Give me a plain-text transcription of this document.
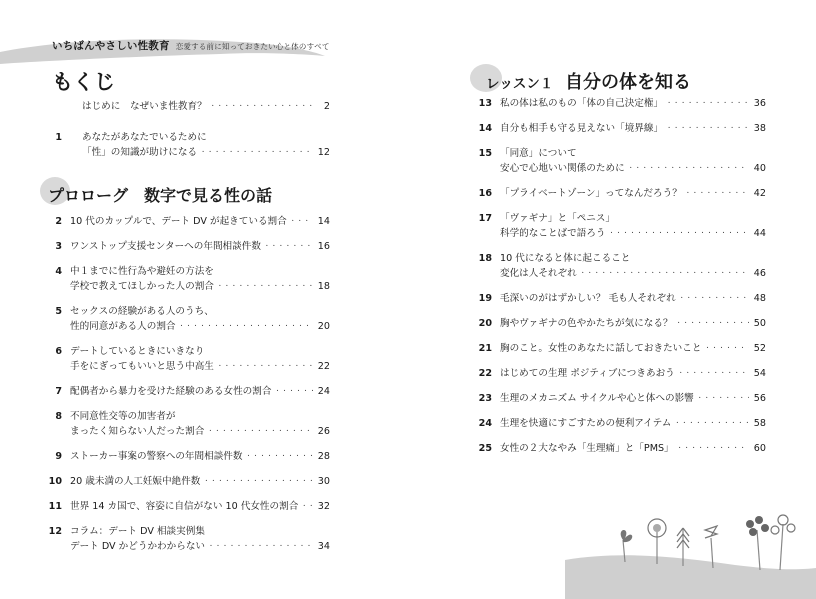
いちばんやさしい性教育 恋愛する前に知っておきたい心と体のすべて
もくじ
プロローグ　数字で見る性の話
レッスン１ 自分の体を知る
はじめに　なぜいま性教育？ ・・・・・・・・・・・・・・・・・・・・・・・・・・・・・・・・・・・・・・・・・・・・・・・・・・・・・・・・・・・・・・・・・・・・・	2
1 あなたがあなたでいるために
「性」の知識が助けになる ・・・・・・・・・・・・・・・・・・・・・・・・・・・・・・・・・・・・・・・・・・・・・・・・・・・・・・・・・・・・・・・・・・・・・	12
2 10 代のカップルで、デート DV が起きている割合 ・・・・・・・・・・・・・・・・・・・・・・・・・・・・・・・・・・・・・・・・・・・・・・・・・・・・・・・・・・・・・・・・・・・・・	14
3 ワンストップ支援センターへの年間相談件数 ・・・・・・・・・・・・・・・・・・・・・・・・・・・・・・・・・・・・・・・・・・・・・・・・・・・・・・・・・・・・・・・・・・・・・	16
4 中１までに性行為や避妊の方法を
学校で教えてほしかった人の割合 ・・・・・・・・・・・・・・・・・・・・・・・・・・・・・・・・・・・・・・・・・・・・・・・・・・・・・・・・・・・・・・・・・・・・・	18
5 セックスの経験がある人のうち、
性的同意がある人の割合 ・・・・・・・・・・・・・・・・・・・・・・・・・・・・・・・・・・・・・・・・・・・・・・・・・・・・・・・・・・・・・・・・・・・・・	20
6 デートしているときにいきなり
手をにぎってもいいと思う中高生 ・・・・・・・・・・・・・・・・・・・・・・・・・・・・・・・・・・・・・・・・・・・・・・・・・・・・・・・・・・・・・・・・・・・・・	22
7 配偶者から暴力を受けた経験のある女性の割合 ・・・・・・・・・・・・・・・・・・・・・・・・・・・・・・・・・・・・・・・・・・・・・・・・・・・・・・・・・・・・・・・・・・・・・	24
8 不同意性交等の加害者が
まったく知らない人だった割合 ・・・・・・・・・・・・・・・・・・・・・・・・・・・・・・・・・・・・・・・・・・・・・・・・・・・・・・・・・・・・・・・・・・・・・	26
9 ストーカー事案の警察への年間相談件数 ・・・・・・・・・・・・・・・・・・・・・・・・・・・・・・・・・・・・・・・・・・・・・・・・・・・・・・・・・・・・・・・・・・・・・	28
10 20 歳未満の人工妊娠中絶件数 ・・・・・・・・・・・・・・・・・・・・・・・・・・・・・・・・・・・・・・・・・・・・・・・・・・・・・・・・・・・・・・・・・・・・・	30
11 世界 14 カ国で、容姿に自信がない 10 代女性の割合 ・・・・・・・・・・・・・・・・・・・・・・・・・・・・・・・・・・・・・・・・・・・・・・・・・・・・・・・・・・・・・・・・・・・・・ 32
12 コラム：デート DV 相談実例集
デート DV かどうかわからない ・・・・・・・・・・・・・・・・・・・・・・・・・・・・・・・・・・・・・・・・・・・・・・・・・・・・・・・・・・・・・・・・・・・・・	34
13 私の体は私のもの「体の自己決定権」 ・・・・・・・・・・・・・・・・・・・・・・・・・・・・・・・・・・・・・・・・・・・・・・・・・・・・・・・・・・・・・・・・・・・・・	36
14 自分も相手も守る見えない「境界線」 ・・・・・・・・・・・・・・・・・・・・・・・・・・・・・・・・・・・・・・・・・・・・・・・・・・・・・・・・・・・・・・・・・・・・・	38
15 「同意」について
安心で心地いい関係のために ・・・・・・・・・・・・・・・・・・・・・・・・・・・・・・・・・・・・・・・・・・・・・・・・・・・・・・・・・・・・・・・・・・・・・	40
16 「プライベートゾーン」ってなんだろう？ ・・・・・・・・・・・・・・・・・・・・・・・・・・・・・・・・・・・・・・・・・・・・・・・・・・・・・・・・・・・・・・・・・・・・・	42
17 「ヴァギナ」と「ペニス」
科学的なことばで語ろう ・・・・・・・・・・・・・・・・・・・・・・・・・・・・・・・・・・・・・・・・・・・・・・・・・・・・・・・・・・・・・・・・・・・・・	44
18 10 代になると体に起こること
変化は人それぞれ ・・・・・・・・・・・・・・・・・・・・・・・・・・・・・・・・・・・・・・・・・・・・・・・・・・・・・・・・・・・・・・・・・・・・・	46
19 毛深いのがはずかしい？ 毛も人それぞれ ・・・・・・・・・・・・・・・・・・・・・・・・・・・・・・・・・・・・・・・・・・・・・・・・・・・・・・・・・・・・・・・・・・・・・	48
20 胸やヴァギナの色やかたちが気になる？ ・・・・・・・・・・・・・・・・・・・・・・・・・・・・・・・・・・・・・・・・・・・・・・・・・・・・・・・・・・・・・・・・・・・・・	50
21 胸のこと。女性のあなたに話しておきたいこと ・・・・・・・・・・・・・・・・・・・・・・・・・・・・・・・・・・・・・・・・・・・・・・・・・・・・・・・・・・・・・・・・・・・・・	52
22 はじめての生理 ポジティブにつきあおう ・・・・・・・・・・・・・・・・・・・・・・・・・・・・・・・・・・・・・・・・・・・・・・・・・・・・・・・・・・・・・・・・・・・・・	54
23 生理のメカニズム サイクルや心と体への影響 ・・・・・・・・・・・・・・・・・・・・・・・・・・・・・・・・・・・・・・・・・・・・・・・・・・・・・・・・・・・・・・・・・・・・・	56
24 生理を快適にすごすための便利アイテム ・・・・・・・・・・・・・・・・・・・・・・・・・・・・・・・・・・・・・・・・・・・・・・・・・・・・・・・・・・・・・・・・・・・・・	58
25 女性の２大なやみ「生理痛」と「PMS」 ・・・・・・・・・・・・・・・・・・・・・・・・・・・・・・・・・・・・・・・・・・・・・・・・・・・・・・・・・・・・・・・・・・・・・	60
